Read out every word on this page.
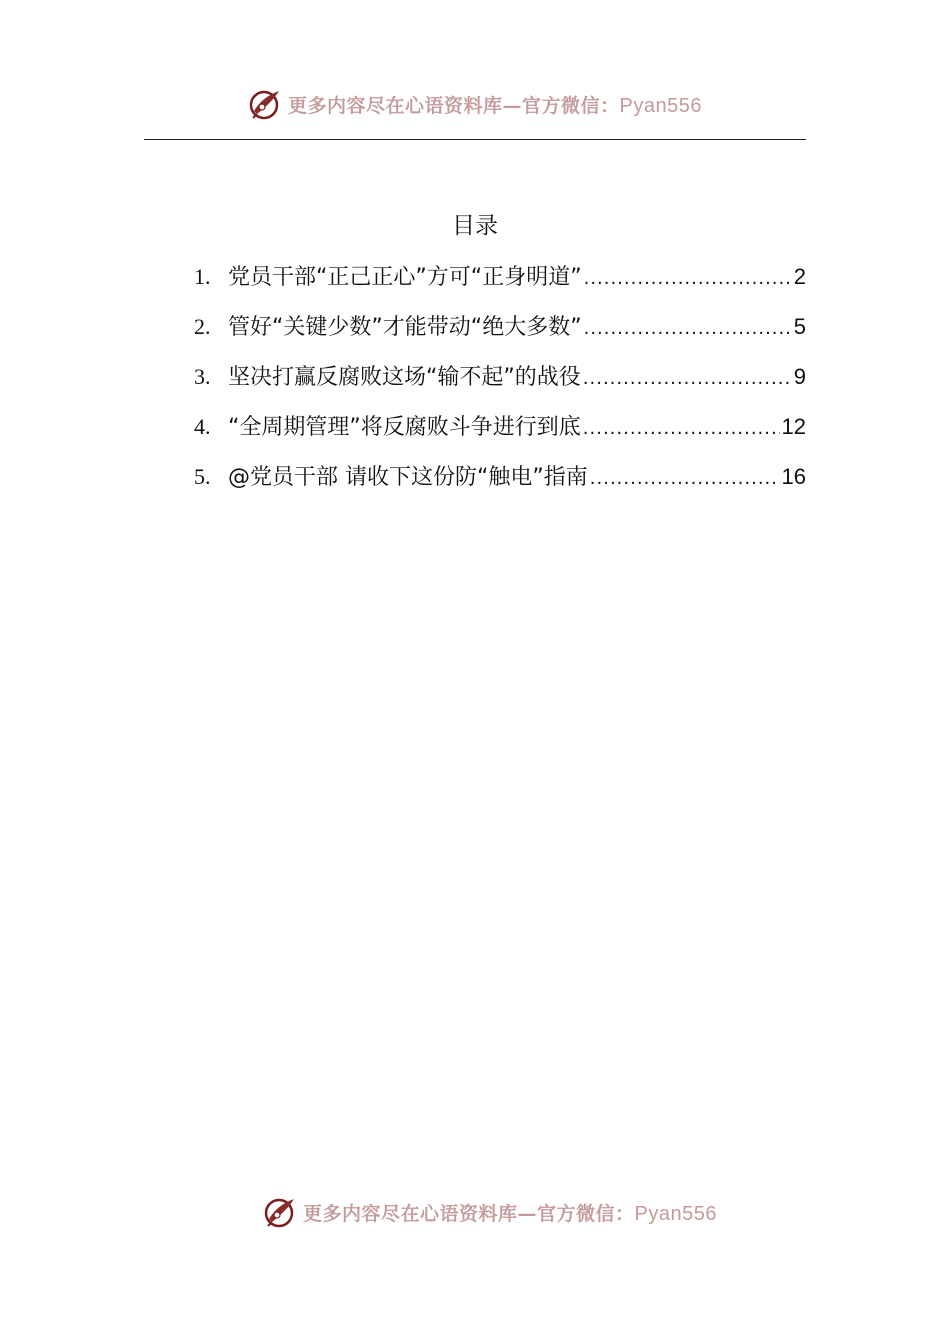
更多内容尽在心语资料库—官方微信：Pyan556
目录
1. 党员干部“正己正心”方可“正身明道” .....	2
2. 管好“关键少数”才能带动“绝大多数” .....	5
3. 坚决打赢反腐败这场“输不起”的战役 .....	9
4. “全周期管理”将反腐败斗争进行到底 .....	12
5. @党员干部 请收下这份防“触电”指南 .....	16
更多内容尽在心语资料库—官方微信：Pyan556
